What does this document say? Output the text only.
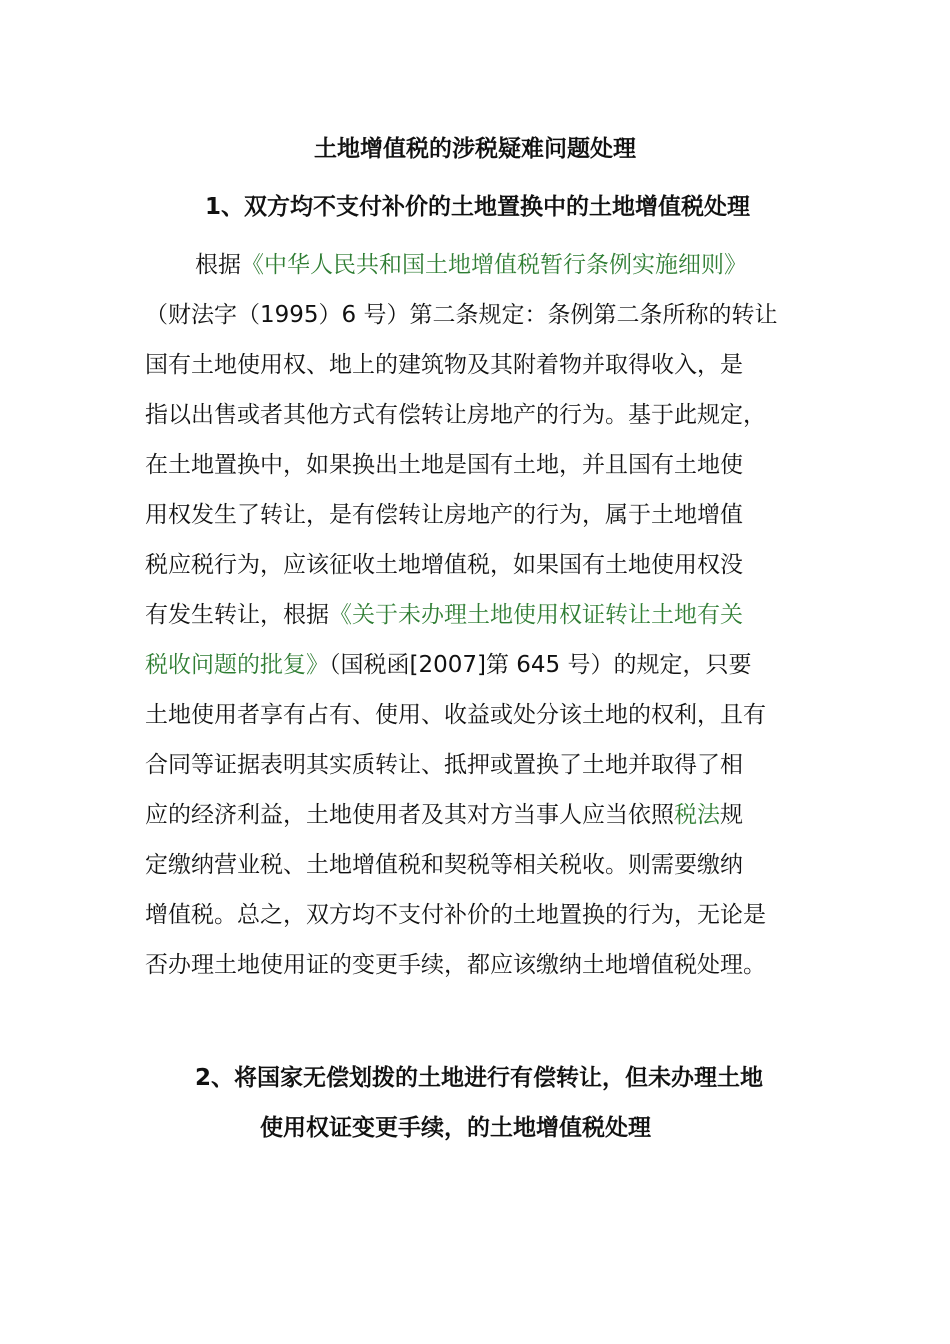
土地增值税的涉税疑难问题处理
1、双方均不支付补价的土地置换中的土地增值税处理

根据《中华人民共和国土地增值税暂行条例实施细则》
（财法字（1995）6 号）第二条规定：条例第二条所称的转让
国有土地使用权、地上的建筑物及其附着物并取得收入，是
指以出售或者其他方式有偿转让房地产的行为。基于此规定，
在土地置换中，如果换出土地是国有土地，并且国有土地使
用权发生了转让，是有偿转让房地产的行为，属于土地增值
税应税行为，应该征收土地增值税，如果国有土地使用权没
有发生转让，根据《关于未办理土地使用权证转让土地有关
税收问题的批复》（国税函[2007]第 645 号）的规定，只要
土地使用者享有占有、使用、收益或处分该土地的权利，且有
合同等证据表明其实质转让、抵押或置换了土地并取得了相
应的经济利益，土地使用者及其对方当事人应当依照税法规
定缴纳营业税、土地增值税和契税等相关税收。则需要缴纳
增值税。总之，双方均不支付补价的土地置换的行为，无论是
否办理土地使用证的变更手续，都应该缴纳土地增值税处理。

2、将国家无偿划拨的土地进行有偿转让，但未办理土地
使用权证变更手续，的土地增值税处理
